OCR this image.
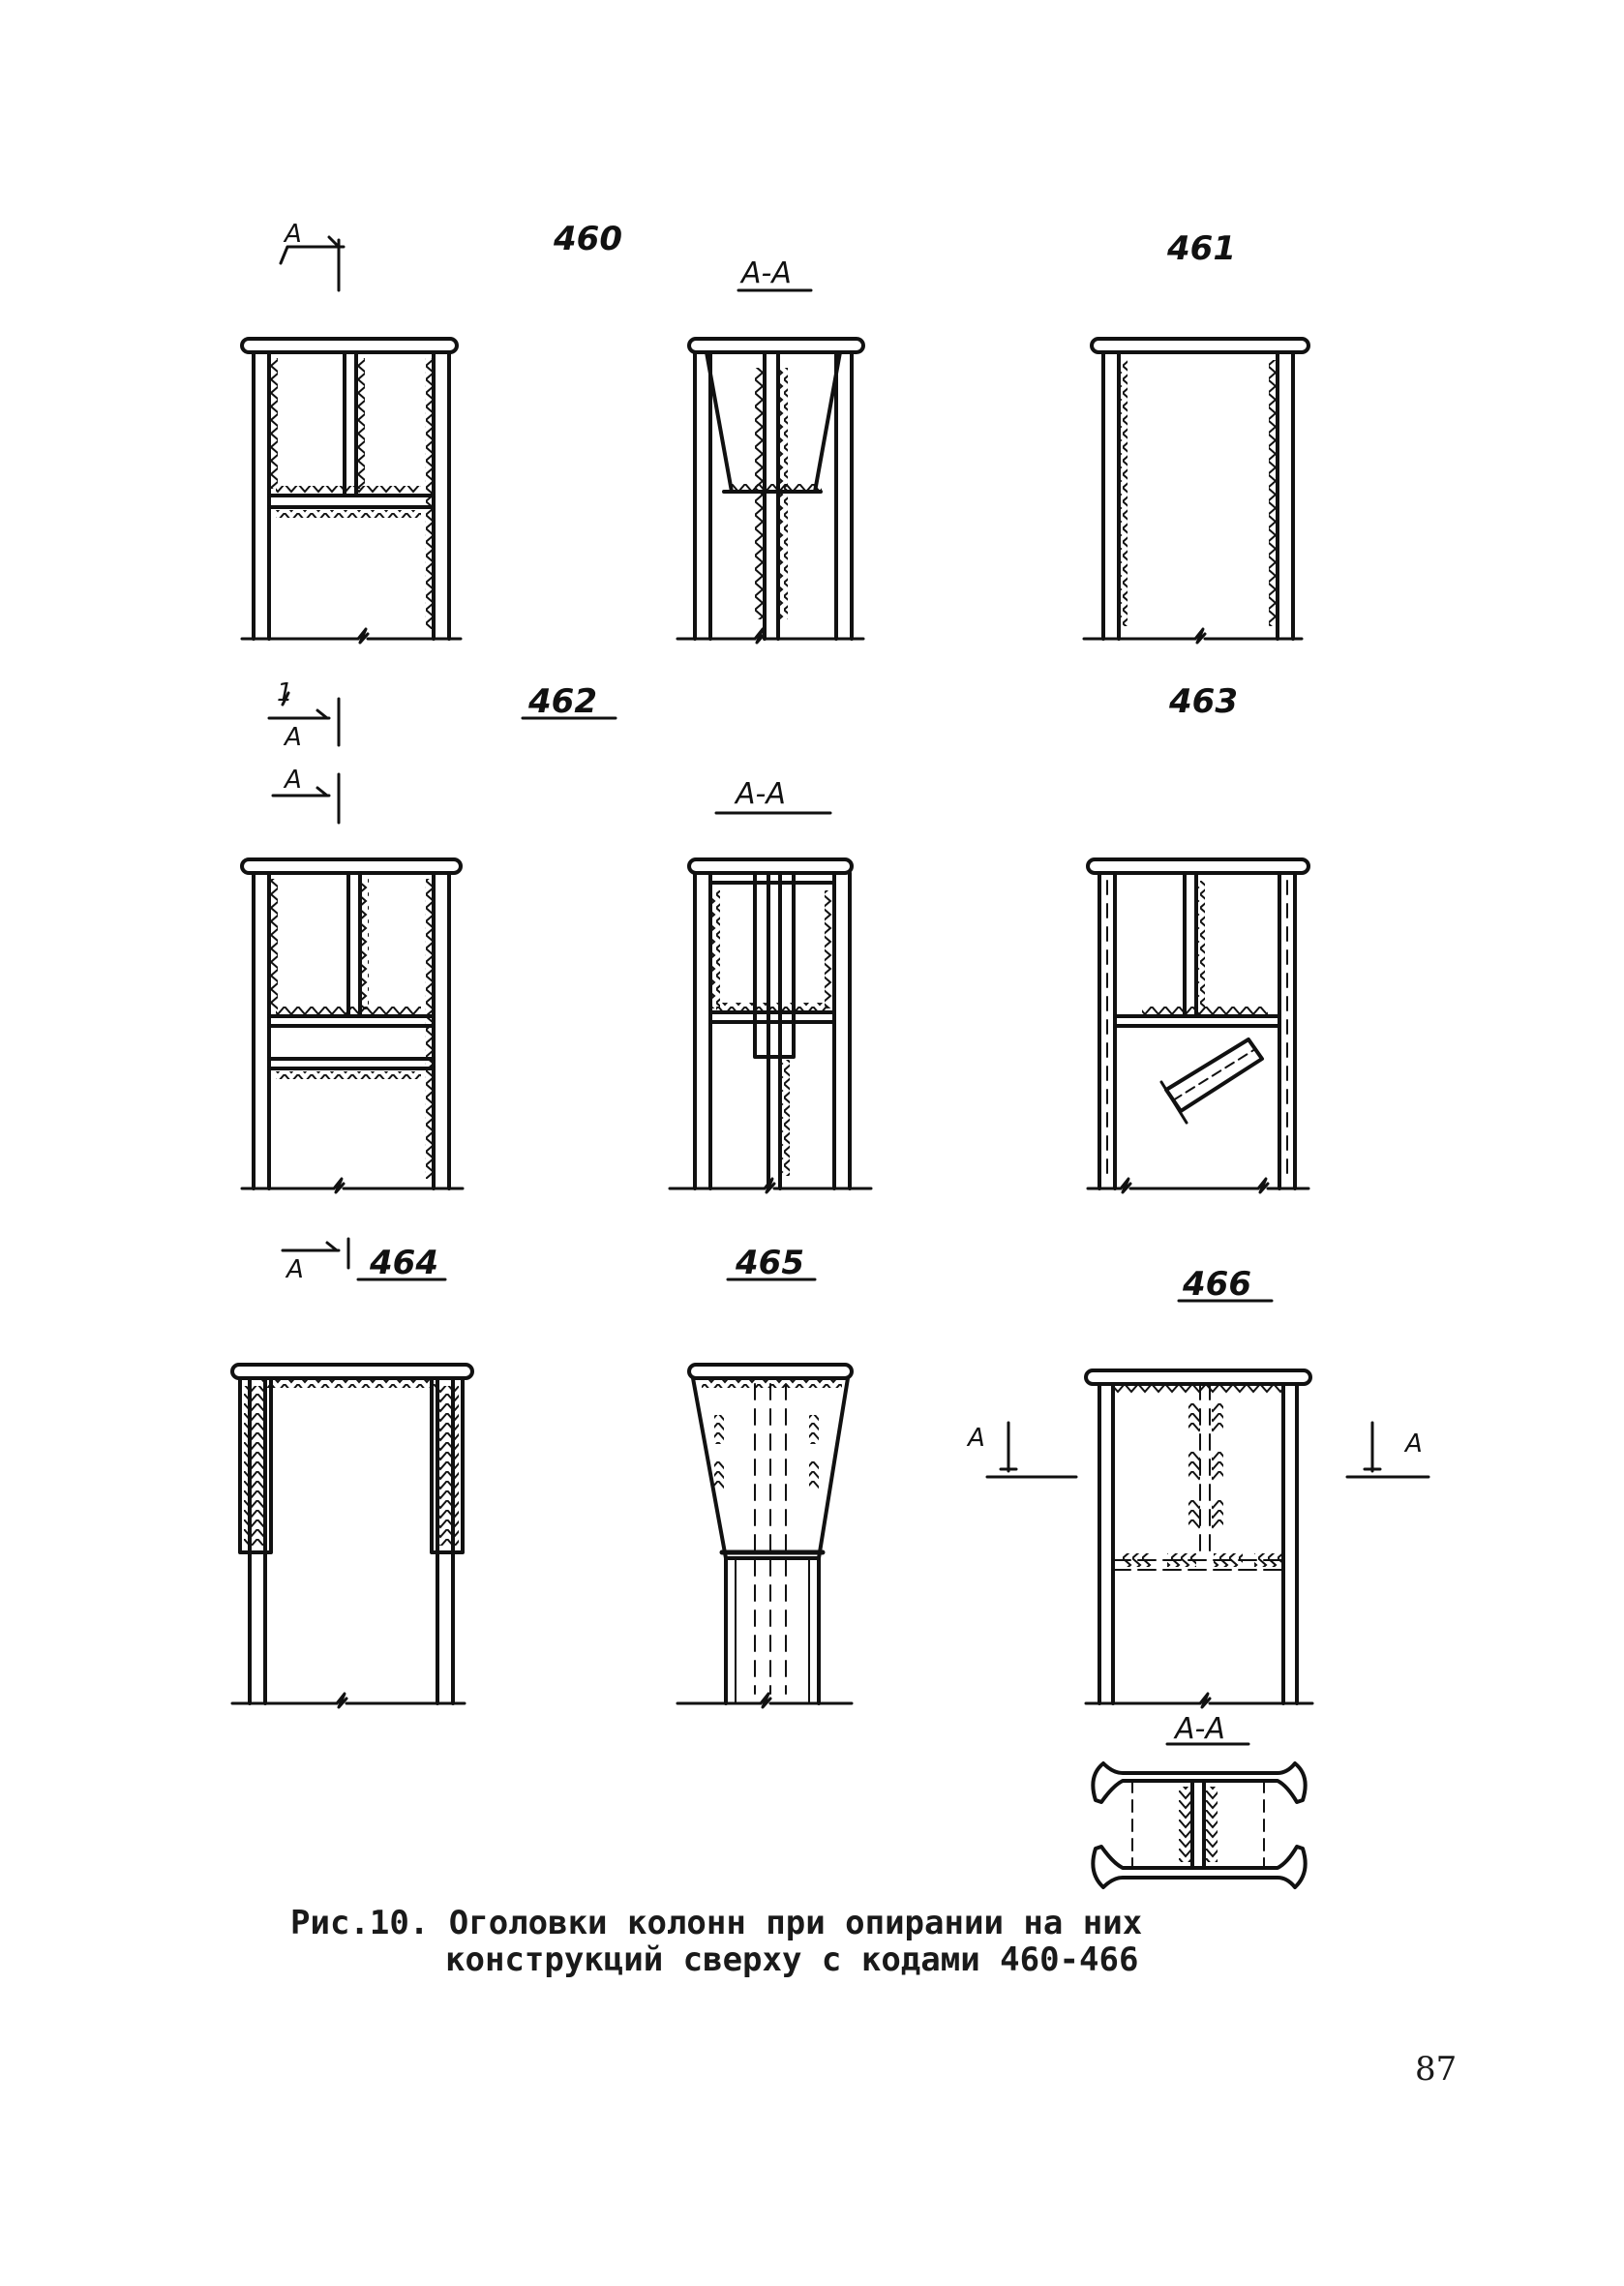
460	461
462	463
464	465
466
А-А
А-А
А-А
А
1
А
А
А
А	А
Рис.10. Оголовки колонн при опирании на них
конструкций сверху с кодами 460-466
87
